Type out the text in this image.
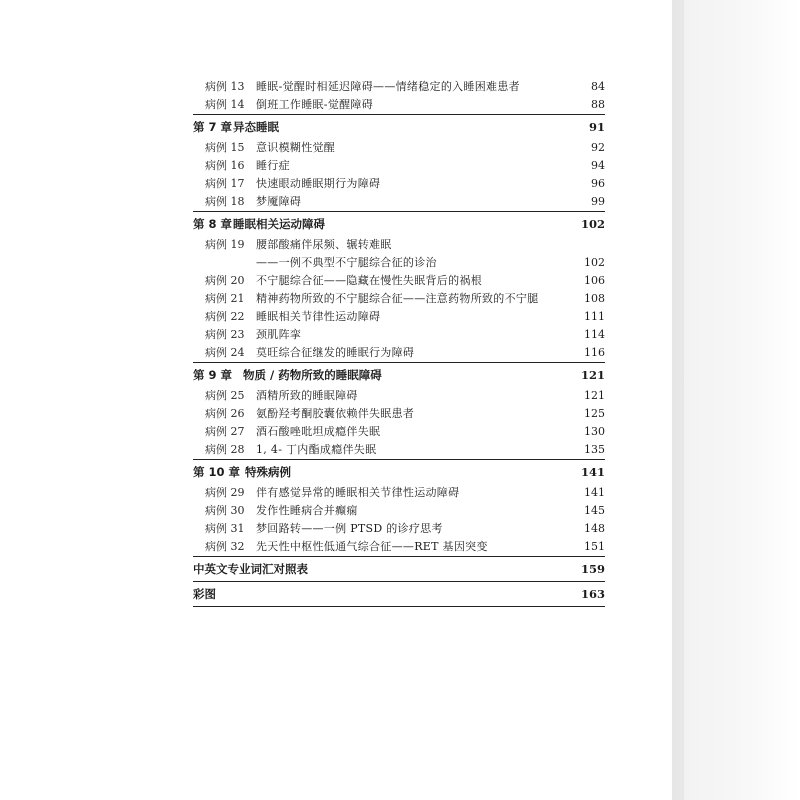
病例 13 睡眠-觉醒时相延迟障碍——情绪稳定的入睡困难患者	84
病例 14 倒班工作睡眠-觉醒障碍	88
第 7 章 异态睡眠	91
病例 15 意识模糊性觉醒	92
病例 16 睡行症	94
病例 17 快速眼动睡眠期行为障碍	96
病例 18 梦魇障碍	99
第 8 章 睡眠相关运动障碍	102
病例 19 腰部酸痛伴尿频、辗转难眠
——一例不典型不宁腿综合征的诊治	102
病例 20 不宁腿综合征——隐藏在慢性失眠背后的祸根	106
病例 21 精神药物所致的不宁腿综合征——注意药物所致的不宁腿	108
病例 22 睡眠相关节律性运动障碍	111
病例 23 颈肌阵挛	114
病例 24 莫旺综合征继发的睡眠行为障碍	116
第 9 章 物质 / 药物所致的睡眠障碍	121
病例 25 酒精所致的睡眠障碍	121
病例 26 氨酚羟考酮胶囊依赖伴失眠患者	125
病例 27 酒石酸唑吡坦成瘾伴失眠	130
病例 28 1, 4- 丁内酯成瘾伴失眠	135
第 10 章 特殊病例	141
病例 29 伴有感觉异常的睡眠相关节律性运动障碍	141
病例 30 发作性睡病合并癫痫	145
病例 31 梦回路转——一例 PTSD 的诊疗思考	148
病例 32 先天性中枢性低通气综合征——RET 基因突变	151
中英文专业词汇对照表	159
彩图	163
